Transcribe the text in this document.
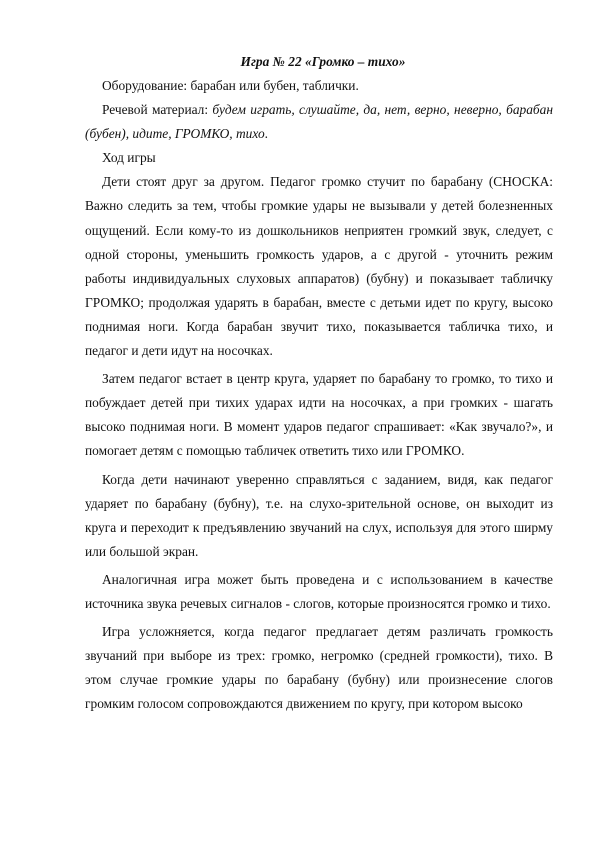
Игра № 22 «Громко – тихо»

Оборудование: барабан или бубен, таблички.

Речевой материал: будем играть, слушайте, да, нет, верно, неверно, барабан (бубен), идите, ГРОМКО, тихо.

Ход игры

Дети стоят друг за другом. Педагог громко стучит по барабану (СНОСКА: Важно следить за тем, чтобы громкие удары не вызывали у детей болезненных ощущений. Если кому-то из дошкольников неприятен громкий звук, следует, с одной стороны, уменьшить громкость ударов, а с другой - уточнить режим работы индивидуальных слуховых аппаратов) (бубну) и показывает табличку ГРОМКО; продолжая ударять в барабан, вместе с детьми идет по кругу, высоко поднимая ноги. Когда барабан звучит тихо, показывается табличка тихо, и педагог и дети идут на носочках.

Затем педагог встает в центр круга, ударяет по барабану то громко, то тихо и побуждает детей при тихих ударах идти на носочках, а при громких - шагать высоко поднимая ноги. В момент ударов педагог спрашивает: «Как звучало?», и помогает детям с помощью табличек ответить тихо или ГРОМКО.

Когда дети начинают уверенно справляться с заданием, видя, как педагог ударяет по барабану (бубну), т.е. на слухо-зрительной основе, он выходит из круга и переходит к предъявлению звучаний на слух, используя для этого ширму или большой экран.

Аналогичная игра может быть проведена и с использованием в качестве источника звука речевых сигналов - слогов, которые произносятся громко и тихо.

Игра усложняется, когда педагог предлагает детям различать громкость звучаний при выборе из трех: громко, негромко (средней громкости), тихо. В этом случае громкие удары по барабану (бубну) или произнесение слогов громким голосом сопровождаются движением по кругу, при котором высоко
